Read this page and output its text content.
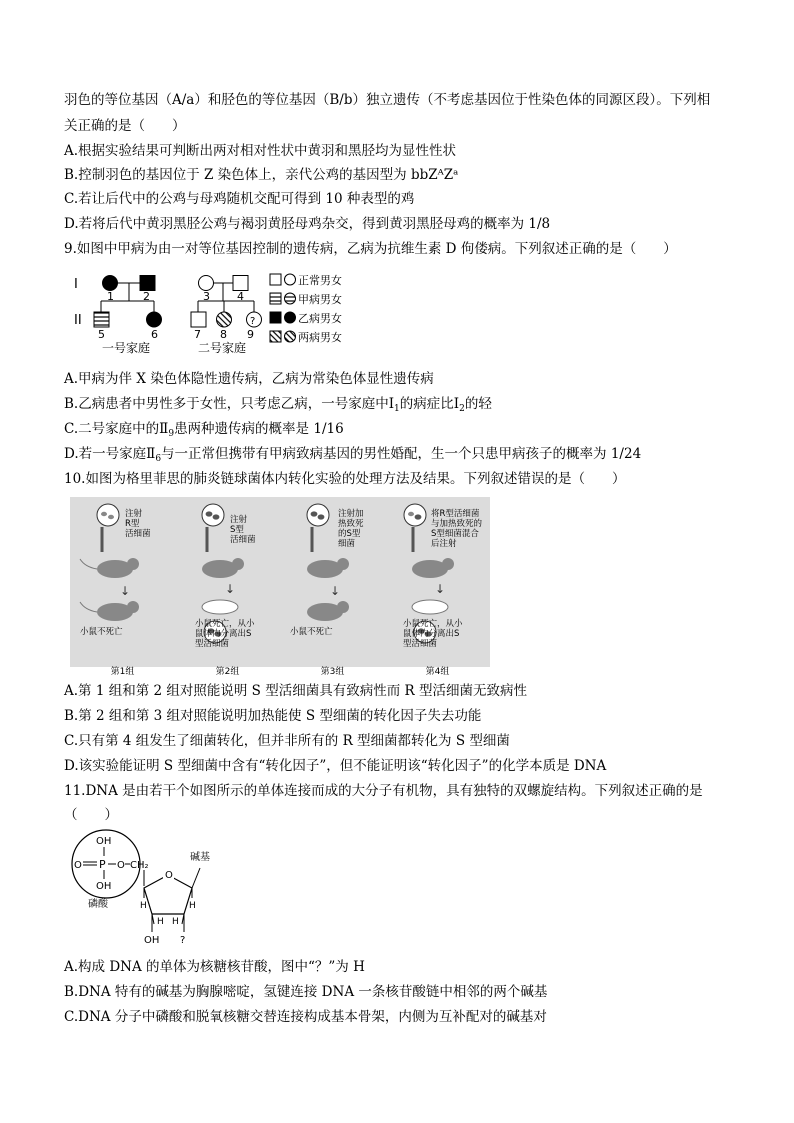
羽色的等位基因（A/a）和胫色的等位基因（B/b）独立遗传（不考虑基因位于性染色体的同源区段）。下列相
关正确的是（　　）
A.根据实验结果可判断出两对相对性状中黄羽和黑胫均为显性性状
B.控制羽色的基因位于 Z 染色体上，亲代公鸡的基因型为 bbZᴬZᵃ
C.若让后代中的公鸡与母鸡随机交配可得到 10 种表型的鸡
D.若将后代中黄羽黑胫公鸡与褐羽黄胫母鸡杂交，得到黄羽黑胫母鸡的概率为 1/8
9.如图中甲病为由一对等位基因控制的遗传病，乙病为抗维生素 D 佝偻病。下列叙述正确的是（　　）
I
II
1	2
5	6
一号家庭
?
3 4
7 8 9
二号家庭
正常男女
甲病男女
乙病男女
两病男女
A.甲病为伴 X 染色体隐性遗传病，乙病为常染色体显性遗传病
B.乙病患者中男性多于女性，只考虑乙病，一号家庭中$Ⅰ_1$的病症比$Ⅰ_2$的轻
C.二号家庭中的$Ⅱ_9$患两种遗传病的概率是 1/16
D.若一号家庭$Ⅱ_6$与一正常但携带有甲病致病基因的男性婚配，生一个只患甲病孩子的概率为 1/24
10.如图为格里菲思的肺炎链球菌体内转化实验的处理方法及结果。下列叙述错误的是（　　）
↓
注射
R型
活细菌
小鼠不死亡
↓
注射
S型
活细菌
小鼠死亡，从小
鼠体内分离出S
型活细菌
↓
注射加
热致死
的S型
细菌
小鼠不死亡
↓
将R型活细菌
与加热致死的
S型细菌混合
后注射
小鼠死亡，从小
鼠体内分离出S
型活细菌
第1组	第2组	第3组	第4组
A.第 1 组和第 2 组对照能说明 S 型活细菌具有致病性而 R 型活细菌无致病性
B.第 2 组和第 3 组对照能说明加热能使 S 型细菌的转化因子失去功能
C.只有第 4 组发生了细菌转化，但并非所有的 R 型细菌都转化为 S 型细菌
D.该实验能证明 S 型细菌中含有“转化因子”，但不能证明该“转化因子”的化学本质是 DNA
11.DNA 是由若干个如图所示的单体连接而成的大分子有机物，具有独特的双螺旋结构。下列叙述正确的是
（　　）
OH
O P O CH₂
OH
磷酸
O
碱基
H	H
H H
OH ?
A.构成 DNA 的单体为核糖核苷酸，图中“？”为 H
B.DNA 特有的碱基为胸腺嘧啶，氢键连接 DNA 一条核苷酸链中相邻的两个碱基
C.DNA 分子中磷酸和脱氧核糖交替连接构成基本骨架，内侧为互补配对的碱基对
